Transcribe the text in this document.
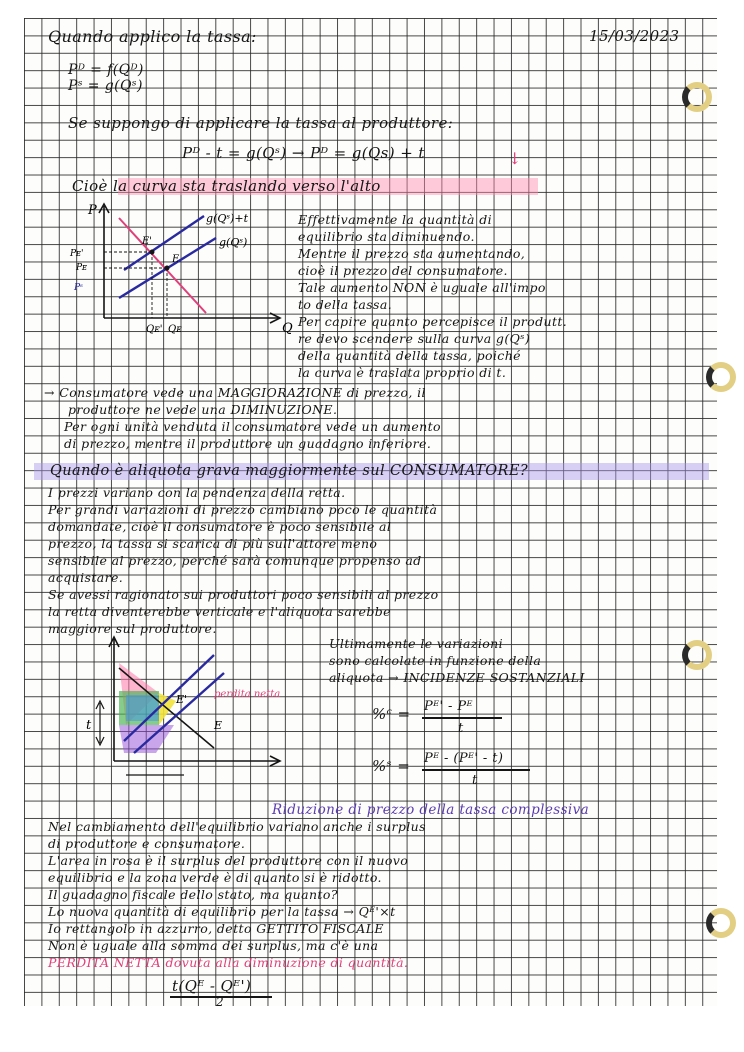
Quando applico la tassa:	15/03/2023
Pᴰ = f(Qᴰ)
Pˢ = g(Qˢ)
Se suppongo di applicare la tassa al produttore:
Pᴰ - t = g(Qˢ) → Pᴰ = g(Qs) + t	↓
Cioè la curva sta traslando verso l'alto
P
Q
g(Qˢ)+t
g(Qˢ)
E'
E
Pᴇ'
Pᴇ
Pˢ
Qᴇ' Qᴇ
Effettivamente la quantità di
equilibrio sta diminuendo.
Mentre il prezzo sta aumentando,
cioè il prezzo del consumatore.
Tale aumento NON è uguale all'impo
to della tassa.
Per capire quanto percepisce il produtt.
re devo scendere sulla curva g(Qˢ)
della quantità della tassa, poiché
la curva è traslata proprio di t.
→ Consumatore vede una MAGGIORAZIONE di prezzo, il
produttore ne vede una DIMINUZIONE.
Per ogni unità venduta il consumatore vede un aumento
di prezzo, mentre il produttore un guadagno inferiore.
Quando è aliquota grava maggiormente sul CONSUMATORE?
I prezzi variano con la pendenza della retta.
Per grandi variazioni di prezzo cambiano poco le quantità
domandate, cioè il consumatore è poco sensibile al
prezzo, la tassa si scarica di più sull'attore meno
sensibile al prezzo, perché sarà comunque propenso ad
acquistare.
Se avessi ragionato sui produttori poco sensibili al prezzo
la retta diventerebbe verticale e l'aliquota sarebbe
maggiore sul produttore.
t
E'
E
perdita netta
Ultimamente le variazioni
sono calcolate in funzione della
aliquota → INCIDENZE SOSTANZIALI
%ᶜ = Pᴱ' - Pᴱ
t
%ˢ = Pᴱ - (Pᴱ' - t)
t
Riduzione di prezzo della tassa complessiva
Nel cambiamento dell'equilibrio variano anche i surplus
di produttore e consumatore.
L'area in rosa è il surplus del produttore con il nuovo
equilibrio e la zona verde è di quanto si è ridotto.
Il guadagno fiscale dello stato, ma quanto?
Lo nuova quantità di equilibrio per la tassa → Qᴱ'×t
Io rettangolo in azzurro, detto GETTITO FISCALE
Non è uguale alla somma dei surplus, ma c'è una
PERDITA NETTA dovuta alla diminuzione di quantità.
t(Qᴱ - Qᴱ')
2
